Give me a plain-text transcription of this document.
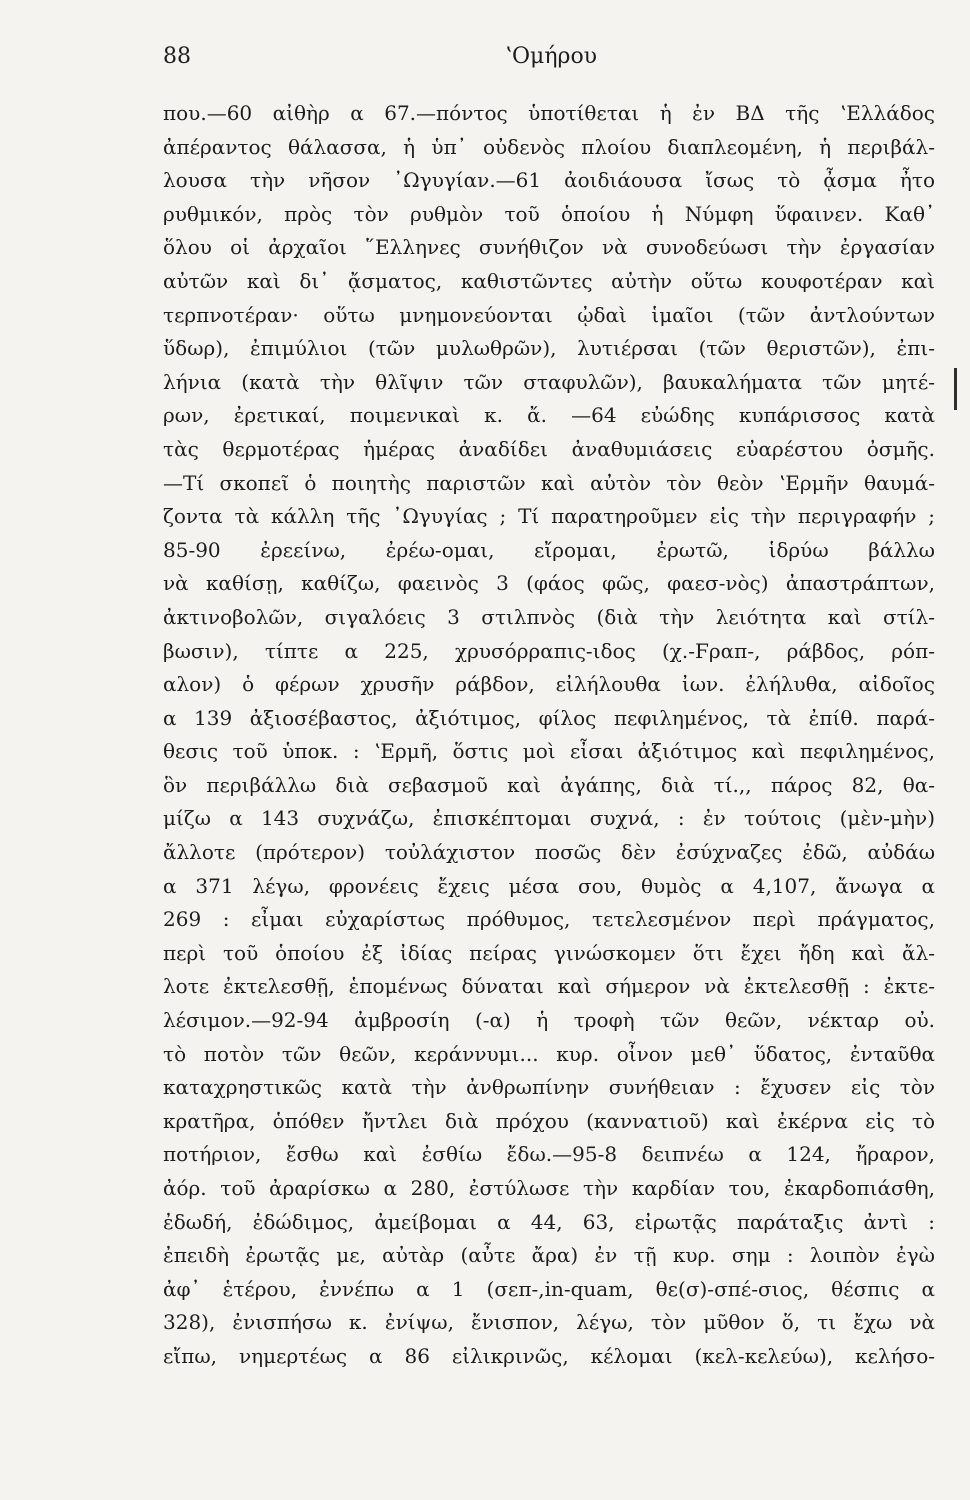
88	ʽΟμήρου
που.—60 αἰθὴρ α 67.—πόντος ὑποτίθεται ἡ ἐν ΒΔ τῆς ʽΕλλάδος
ἀπέραντος θάλασσα, ἡ ὑπ᾿ οὐδενὸς πλοίου διαπλεομένη, ἡ περιβάλ-
λουσα τὴν νῆσον ᾿Ωγυγίαν.—61 ἀοιδιάουσα ἴσως τὸ ᾆσμα ἦτο
ρυθμικόν, πρὸς τὸν ρυθμὸν τοῦ ὁποίου ἡ Νύμφη ὕφαινεν. Καθ᾿
ὅλου οἱ ἀρχαῖοι ῞Ελληνες συνήθιζον νὰ συνοδεύωσι τὴν ἐργασίαν
αὐτῶν καὶ δι᾿ ᾄσματος, καθιστῶντες αὐτὴν οὕτω κουφοτέραν καὶ
τερπνοτέραν· οὕτω μνημονεύονται ᾠδαὶ ἱμαῖοι (τῶν ἀντλούντων
ὕδωρ), ἐπιμύλιοι (τῶν μυλωθρῶν), λυτιέρσαι (τῶν θεριστῶν), ἐπι-
λήνια (κατὰ τὴν θλῖψιν τῶν σταφυλῶν), βαυκαλήματα τῶν μητέ-
ρων, ἐρετικαί, ποιμενικαὶ κ. ἄ. —64 εὐώδης κυπάρισσος κατὰ
τὰς θερμοτέρας ἡμέρας ἀναδίδει ἀναθυμιάσεις εὐαρέστου ὀσμῆς.
—Τί σκοπεῖ ὁ ποιητὴς παριστῶν καὶ αὐτὸν τὸν θεὸν ʽΕρμῆν θαυμά-
ζοντα τὰ κάλλη τῆς ᾿Ωγυγίας ; Τί παρατηροῦμεν εἰς τὴν περιγραφήν ;
85-90 ἐρεείνω, ἐρέω-ομαι, εἴρομαι, ἐρωτῶ, ἱδρύω βάλλω
νὰ καθίσῃ, καθίζω, φαεινὸς 3 (φάος φῶς, φαεσ-νὸς) ἀπαστράπτων,
ἀκτινοβολῶν, σιγαλόεις 3 στιλπνὸς (διὰ τὴν λειότητα καὶ στίλ-
βωσιν), τίπτε α 225, χρυσόρραπις-ιδος (χ.-Ϝραπ-, ράβδος, ρόπ-
αλον) ὁ φέρων χρυσῆν ράβδον, εἰλήλουθα ἰων. ἐλήλυθα, αἰδοῖος
α 139 ἀξιοσέβαστος, ἀξιότιμος, φίλος πεφιλημένος, τὰ ἐπίθ. παρά-
θεσις τοῦ ὑποκ. : ʽΕρμῆ, ὅστις μοὶ εἶσαι ἀξιότιμος καὶ πεφιλημένος,
ὃν περιβάλλω διὰ σεβασμοῦ καὶ ἀγάπης, διὰ τί.,, πάρος 82, θα-
μίζω α 143 συχνάζω, ἐπισκέπτομαι συχνά, : ἐν τούτοις (μὲν-μὴν)
ἄλλοτε (πρότερον) τοὐλάχιστον ποσῶς δὲν ἐσύχναζες ἐδῶ, αὐδάω
α 371 λέγω, φρονέεις ἔχεις μέσα σου, θυμὸς α 4,107, ἄνωγα α
269 : εἶμαι εὐχαρίστως πρόθυμος, τετελεσμένον περὶ πράγματος,
περὶ τοῦ ὁποίου ἐξ ἰδίας πείρας γινώσκομεν ὅτι ἔχει ἤδη καὶ ἄλ-
λοτε ἐκτελεσθῇ, ἑπομένως δύναται καὶ σήμερον νὰ ἐκτελεσθῇ : ἐκτε-
λέσιμον.—92-94 ἀμβροσίη (-α) ἡ τροφὴ τῶν θεῶν, νέκταρ οὐ.
τὸ ποτὸν τῶν θεῶν, κεράννυμι... κυρ. οἶνον μεθ᾿ ὕδατος, ἐνταῦθα
καταχρηστικῶς κατὰ τὴν ἀνθρωπίνην συνήθειαν : ἔχυσεν εἰς τὸν
κρατῆρα, ὁπόθεν ἤντλει διὰ πρόχου (καννατιοῦ) καὶ ἐκέρνα εἰς τὸ
ποτήριον, ἔσθω καὶ ἐσθίω ἔδω.—95-8 δειπνέω α 124, ἤραρον,
ἀόρ. τοῦ ἀραρίσκω α 280, ἐστύλωσε τὴν καρδίαν του, ἐκαρδοπιάσθη,
ἐδωδή, ἐδώδιμος, ἀμείβομαι α 44, 63, εἰρωτᾷς παράταξις ἀντὶ :
ἐπειδὴ ἐρωτᾷς με, αὐτὰρ (αὖτε ἄρα) ἐν τῇ κυρ. σημ : λοιπὸν ἐγὼ
ἀφ᾿ ἑτέρου, ἐννέπω α 1 (σεπ-,in-quam, θε(σ)-σπέ-σιος, θέσπις α
328), ἐνισπήσω κ. ἐνίψω, ἔνισπον, λέγω, τὸν μῦθον ὅ, τι ἔχω νὰ
εἴπω, νημερτέως α 86 εἰλικρινῶς, κέλομαι (κελ-κελεύω), κελήσο-
